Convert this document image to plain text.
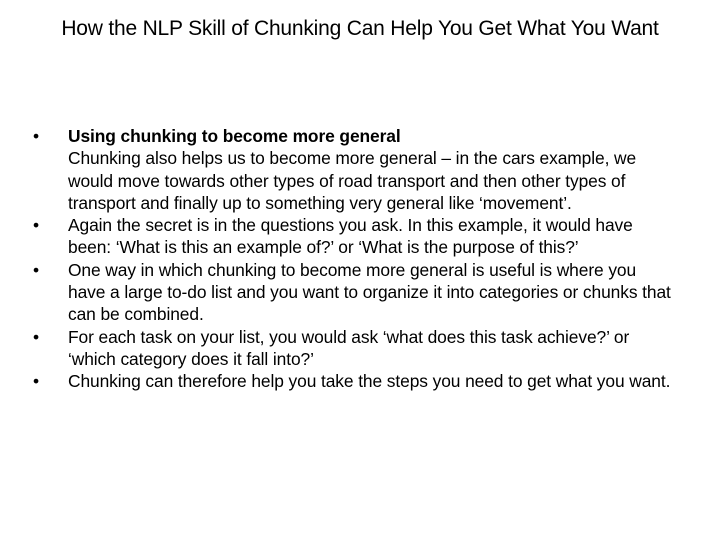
How the NLP Skill of Chunking Can Help You Get What You Want
•	Using chunking to become more general
Chunking also helps us to become more general – in the cars example, we would move towards other types of road transport and then other types of transport and finally up to something very general like ‘movement’.
•	Again the secret is in the questions you ask. In this example, it would have been: ‘What is this an example of?’ or ‘What is the purpose of this?’
•	One way in which chunking to become more general is useful is where you have a large to-do list and you want to organize it into categories or chunks that can be combined.
•	For each task on your list, you would ask ‘what does this task achieve?’ or ‘which category does it fall into?’
•	Chunking can therefore help you take the steps you need to get what you want.
